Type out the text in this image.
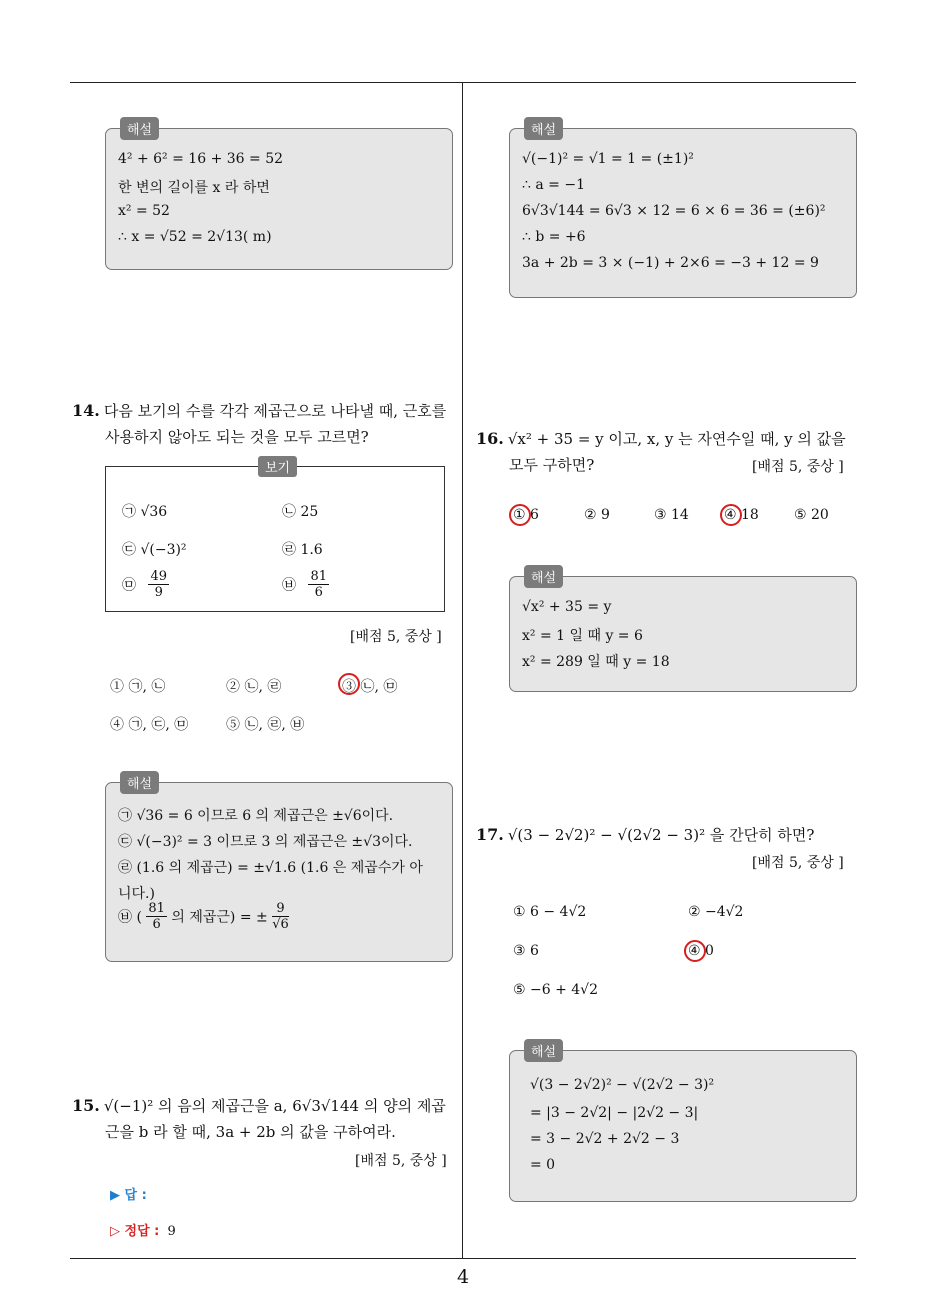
해설
4² + 6² = 16 + 36 = 52
한 변의 길이를 x 라 하면
x² = 52
∴ x = √52 = 2√13( m)
해설
√(−1)² = √1 = 1 = (±1)²
∴ a = −1
6√3√144 = 6√3 × 12 = 6 × 6 = 36 = (±6)²
∴ b = +6
3a + 2b = 3 × (−1) + 2×6 = −3 + 12 = 9
14. 다음 보기의 수를 각각 제곱근으로 나타낼 때, 근호를
사용하지 않아도 되는 것을 모두 고르면?
보기
㉠ √36	㉡ 25
㉢ √(−3)²	㉣ 1.6
㉤ $\frac{49}{9}$	㉥ $\frac{81}{6}$
[배점 5, 중상 ]
① ㉠, ㉡	② ㉡, ㉣	③ ㉡, ㉤
④ ㉠, ㉢, ㉤	⑤ ㉡, ㉣, ㉥
해설
㉠ √36 = 6 이므로 6 의 제곱근은 ±√6이다.
㉢ √(−3)² = 3 이므로 3 의 제곱근은 ±√3이다.
㉣ (1.6 의 제곱근) = ±√1.6 (1.6 은 제곱수가 아
니다.)
㉥ ( $\frac{81}{6}$ 의 제곱근) = ± $\frac{9}{√6}$
15. √(−1)² 의 음의 제곱근을 a, 6√3√144 의 양의 제곱
근을 b 라 할 때, 3a + 2b 의 값을 구하여라.
[배점 5, 중상 ]
▶ 답 :
▷ 정답 : 9
16. √x² + 35 = y 이고, x, y 는 자연수일 때, y 의 값을
모두 구하면?	[배점 5, 중상 ]
① 6	② 9	③ 14	④ 18	⑤ 20
해설
√x² + 35 = y
x² = 1 일 때 y = 6
x² = 289 일 때 y = 18
17. √(3 − 2√2)² − √(2√2 − 3)² 을 간단히 하면?
[배점 5, 중상 ]
① 6 − 4√2	② −4√2
③ 6	④ 0
⑤ −6 + 4√2
해설
√(3 − 2√2)² − √(2√2 − 3)²
= |3 − 2√2| − |2√2 − 3|
= 3 − 2√2 + 2√2 − 3
= 0
4
